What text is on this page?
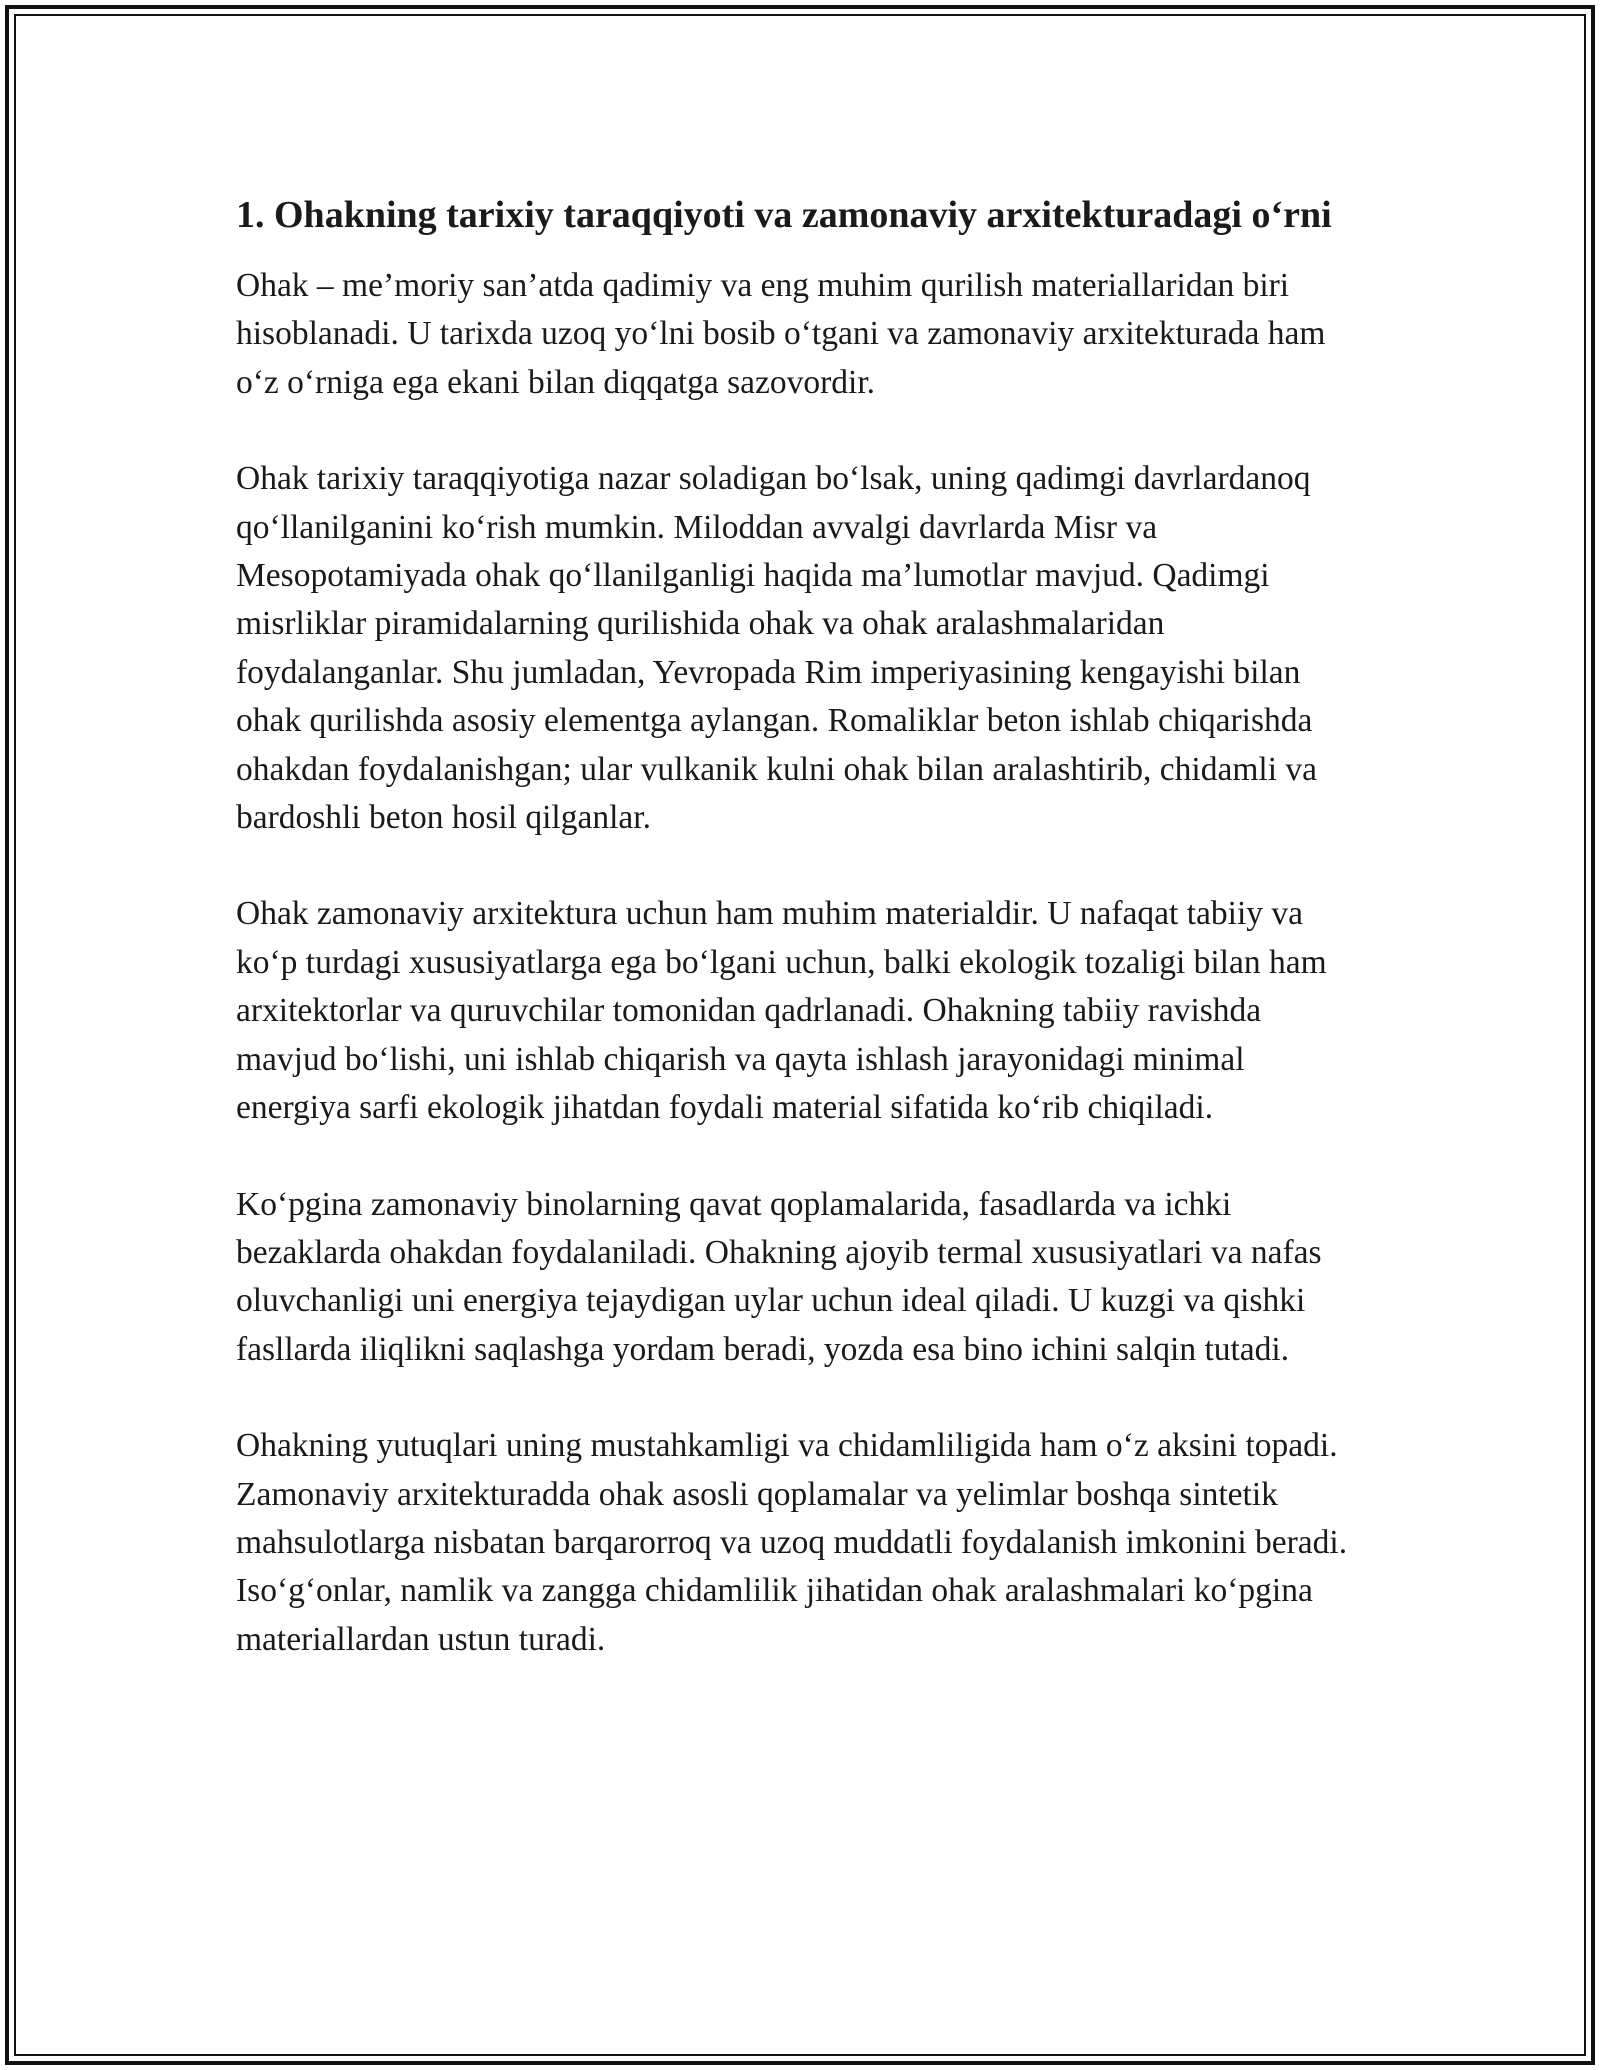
1. Ohakning tarixiy taraqqiyoti va zamonaviy arxitekturadagi o‘rni

Ohak – me’moriy san’atda qadimiy va eng muhim qurilish materiallaridan biri hisoblanadi. U tarixda uzoq yo‘lni bosib o‘tgani va zamonaviy arxitekturada ham o‘z o‘rniga ega ekani bilan diqqatga sazovordir.

Ohak tarixiy taraqqiyotiga nazar soladigan bo‘lsak, uning qadimgi davrlardanoq qo‘llanilganini ko‘rish mumkin. Miloddan avvalgi davrlarda Misr va Mesopotamiyada ohak qo‘llanilganligi haqida ma’lumotlar mavjud. Qadimgi misrliklar piramidalarning qurilishida ohak va ohak aralashmalaridan foydalanganlar. Shu jumladan, Yevropada Rim imperiyasining kengayishi bilan ohak qurilishda asosiy elementga aylangan. Romaliklar beton ishlab chiqarishda ohakdan foydalanishgan; ular vulkanik kulni ohak bilan aralashtirib, chidamli va bardoshli beton hosil qilganlar.

Ohak zamonaviy arxitektura uchun ham muhim materialdir. U nafaqat tabiiy va ko‘p turdagi xususiyatlarga ega bo‘lgani uchun, balki ekologik tozaligi bilan ham arxitektorlar va quruvchilar tomonidan qadrlanadi. Ohakning tabiiy ravishda mavjud bo‘lishi, uni ishlab chiqarish va qayta ishlash jarayonidagi minimal energiya sarfi ekologik jihatdan foydali material sifatida ko‘rib chiqiladi.

Ko‘pgina zamonaviy binolarning qavat qoplamalarida, fasadlarda va ichki bezaklarda ohakdan foydalaniladi. Ohakning ajoyib termal xususiyatlari va nafas oluvchanligi uni energiya tejaydigan uylar uchun ideal qiladi. U kuzgi va qishki fasllarda iliqlikni saqlashga yordam beradi, yozda esa bino ichini salqin tutadi.

Ohakning yutuqlari uning mustahkamligi va chidamliligida ham o‘z aksini topadi. Zamonaviy arxitekturadda ohak asosli qoplamalar va yelimlar boshqa sintetik mahsulotlarga nisbatan barqarorroq va uzoq muddatli foydalanish imkonini beradi. Iso‘g‘onlar, namlik va zangga chidamlilik jihatidan ohak aralashmalari ko‘pgina materiallardan ustun turadi.
